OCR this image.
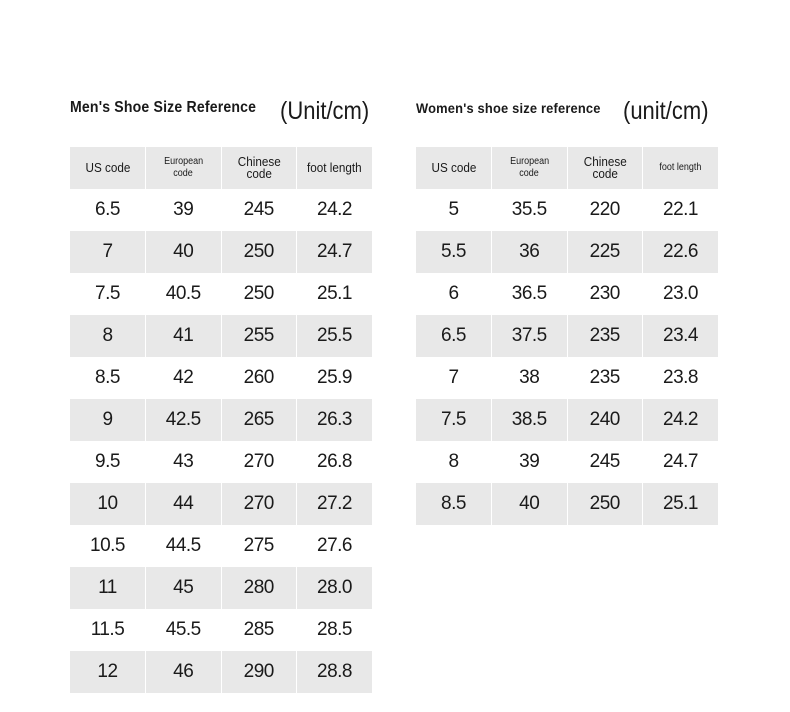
Men's Shoe Size Reference (Unit/cm)
US code	European code	Chinese code	foot length
6.5	39	245	24.2
7	40	250	24.7
7.5	40.5	250	25.1
8	41	255	25.5
8.5	42	260	25.9
9	42.5	265	26.3
9.5	43	270	26.8
10	44	270	27.2
10.5	44.5	275	27.6
11	45	280	28.0
11.5	45.5	285	28.5
12	46	290	28.8
Women's shoe size reference (unit/cm)
US code	European code	Chinese code	foot length
5	35.5	220	22.1
5.5	36	225	22.6
6	36.5	230	23.0
6.5	37.5	235	23.4
7	38	235	23.8
7.5	38.5	240	24.2
8	39	245	24.7
8.5	40	250	25.1
